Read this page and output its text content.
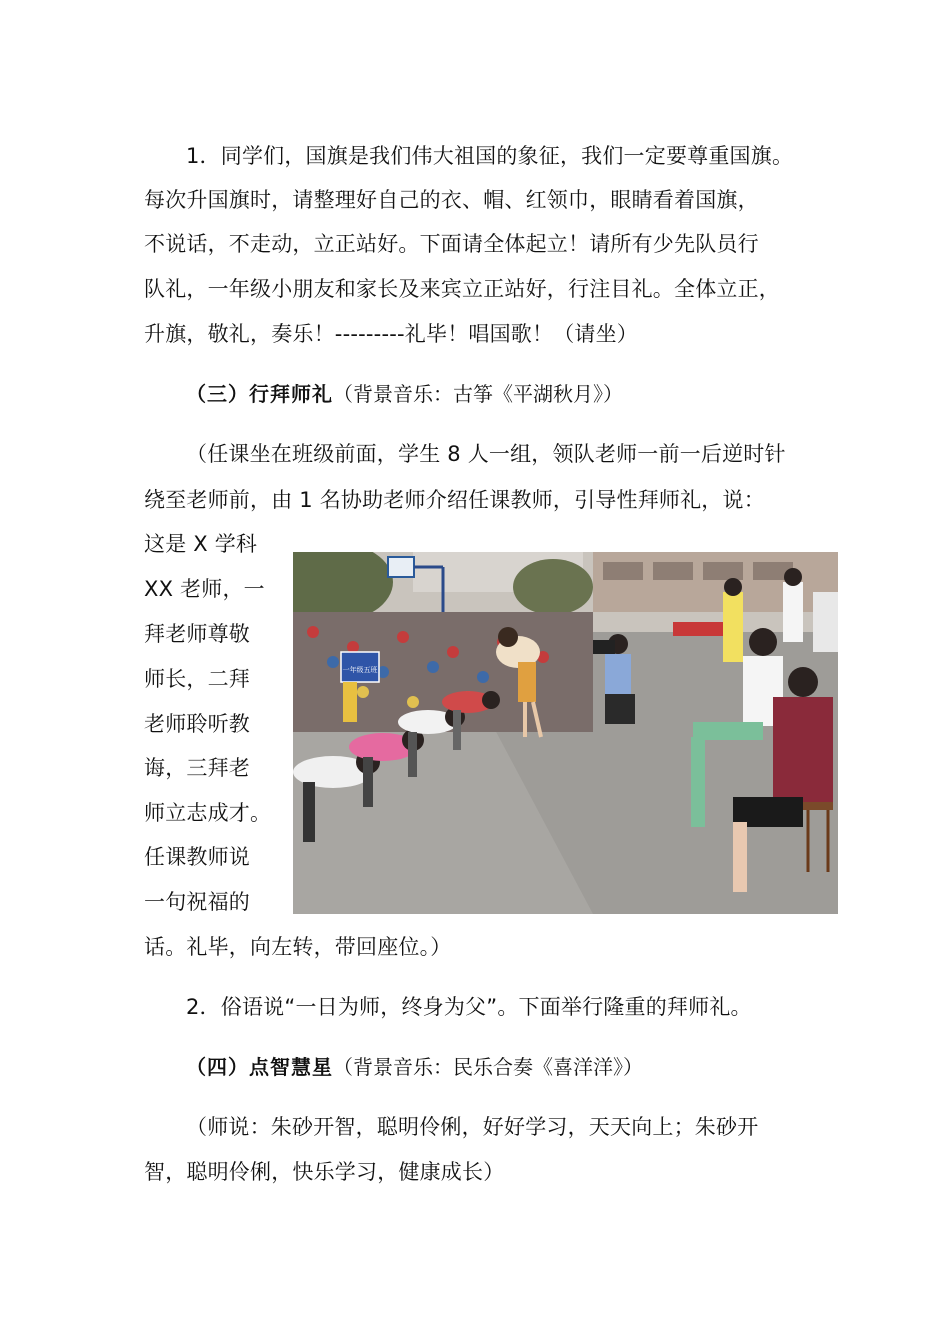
1．同学们，国旗是我们伟大祖国的象征，我们一定要尊重国旗。
每次升国旗时，请整理好自己的衣、帽、红领巾，眼睛看着国旗，
不说话，不走动，立正站好。下面请全体起立！请所有少先队员行
队礼，一年级小朋友和家长及来宾立正站好，行注目礼。全体立正，
升旗，敬礼，奏乐！---------礼毕！唱国歌！（请坐）
（三）行拜师礼（背景音乐：古筝《平湖秋月》）
（任课坐在班级前面，学生 8 人一组，领队老师一前一后逆时针
绕至老师前，由 1 名协助老师介绍任课教师，引导性拜师礼，说：
这是 X 学科
XX 老师，一
拜老师尊敬
师长，二拜
老师聆听教
诲，三拜老
师立志成才。
任课教师说
一句祝福的
话。礼毕，向左转，带回座位。）
一年级五班
2．俗语说“一日为师，终身为父”。下面举行隆重的拜师礼。
（四）点智慧星（背景音乐：民乐合奏《喜洋洋》）
（师说：朱砂开智，聪明伶俐，好好学习，天天向上；朱砂开
智，聪明伶俐，快乐学习，健康成长）
